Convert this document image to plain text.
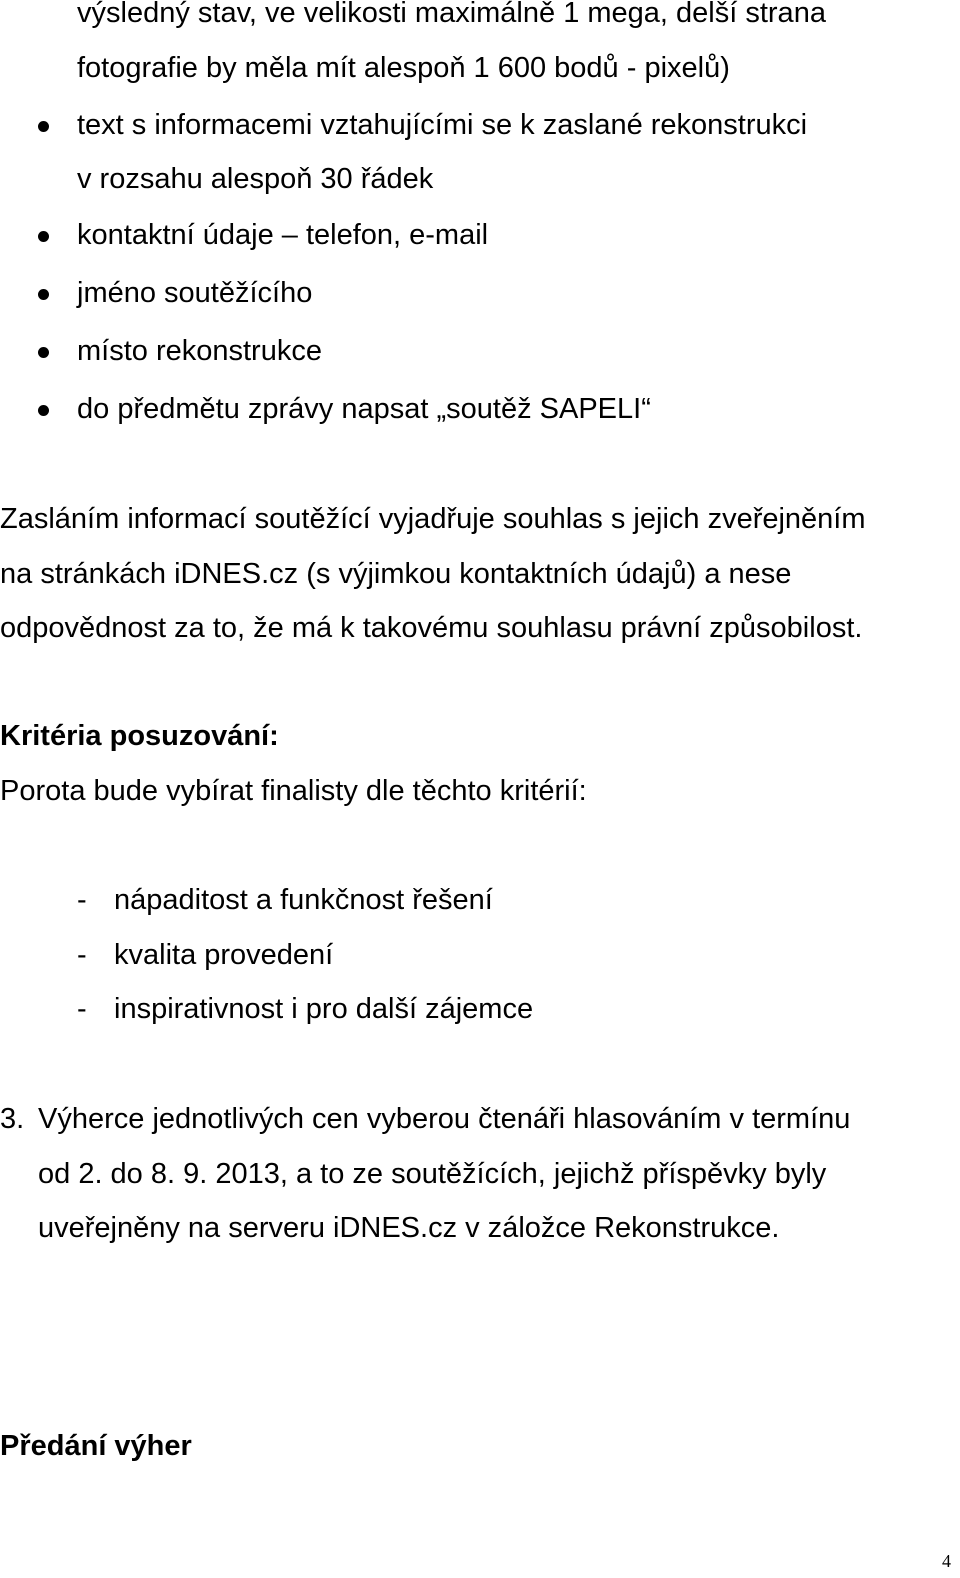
výsledný stav, ve velikosti maximálně 1 mega, delší strana
fotografie by měla mít alespoň 1 600 bodů - pixelů)
text s informacemi vztahujícími se k zaslané rekonstrukci
v rozsahu alespoň 30 řádek
kontaktní údaje – telefon, e-mail
jméno soutěžícího
místo rekonstrukce
do předmětu zprávy napsat „soutěž SAPELI“
Zasláním informací soutěžící vyjadřuje souhlas s jejich zveřejněním
na stránkách iDNES.cz (s výjimkou kontaktních údajů) a nese
odpovědnost za to, že má k takovému souhlasu právní způsobilost.
Kritéria posuzování:
Porota bude vybírat finalisty dle těchto kritérií:
- nápaditost a funkčnost řešení
- kvalita provedení
- inspirativnost i pro další zájemce
3. Výherce jednotlivých cen vyberou čtenáři hlasováním v termínu
od 2. do 8. 9. 2013, a to ze soutěžících, jejichž příspěvky byly
uveřejněny na serveru iDNES.cz v záložce Rekonstrukce.
Předání výher
4
